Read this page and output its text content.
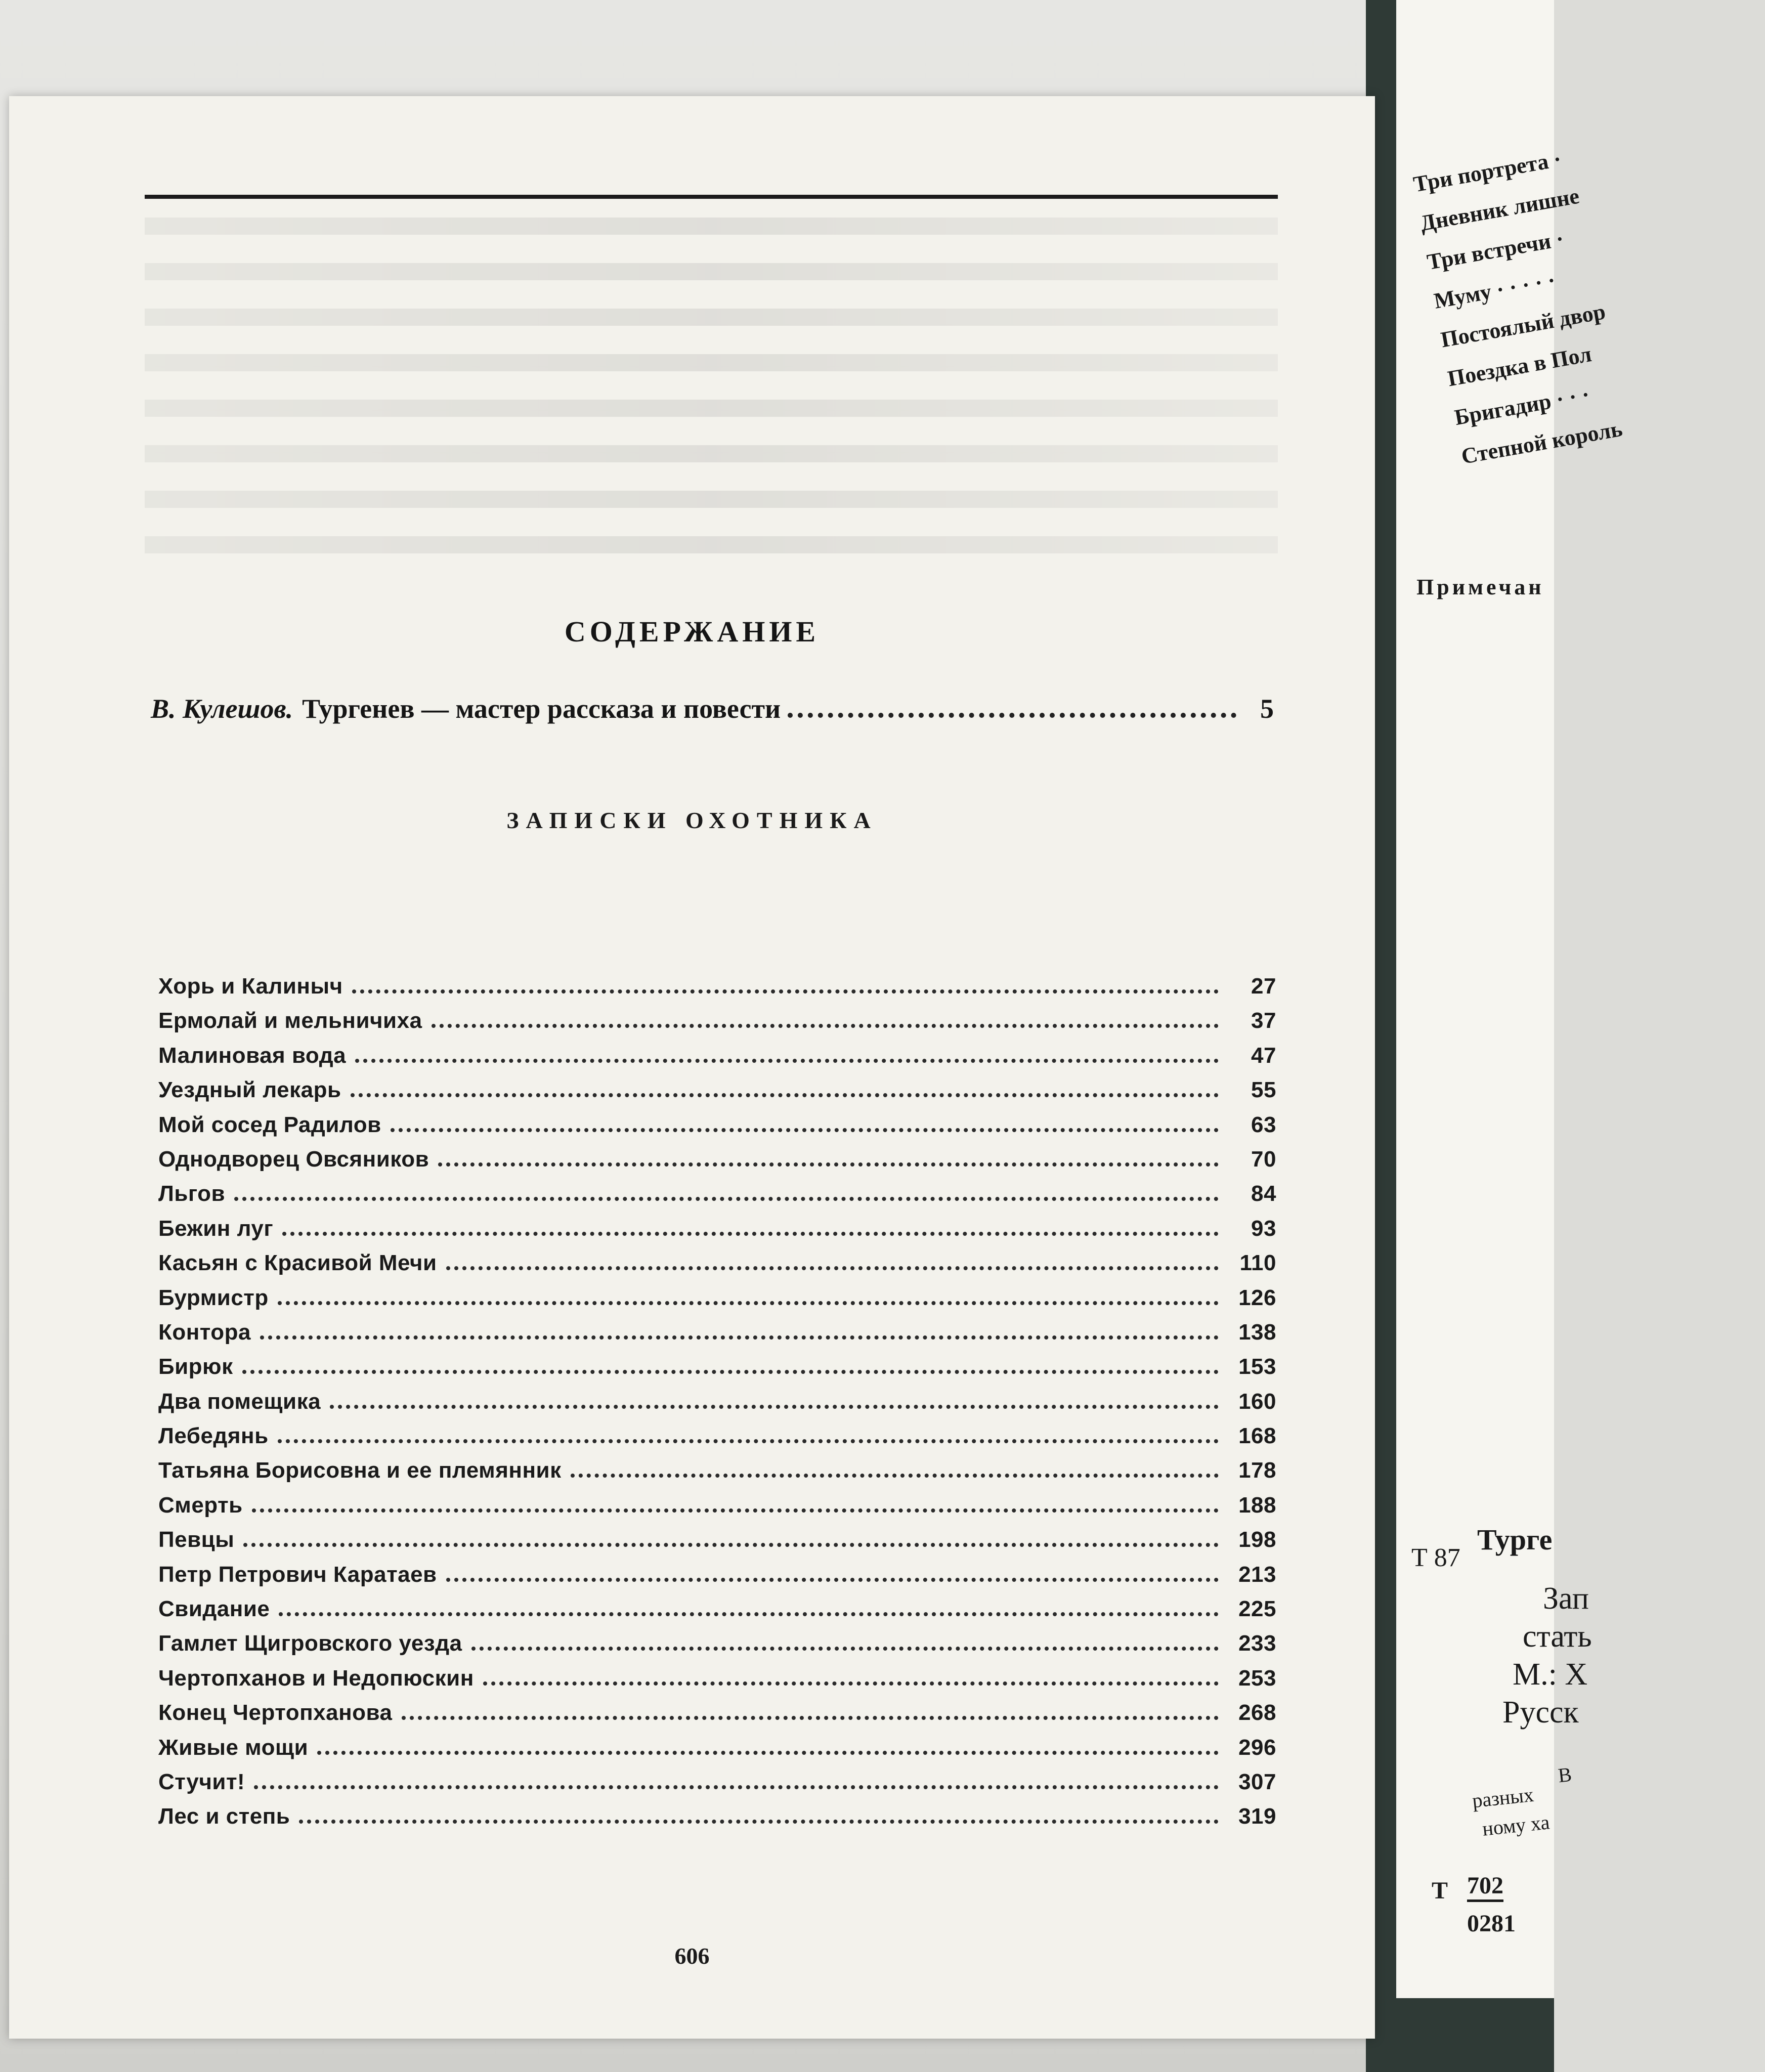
Три портрета ·
Дневник лишне
Три встречи ·
Муму · · · · ·
Постоялый двор
Поездка в Пол
Бригадир · · ·
Степной король
Примечан
Т 87
Турге
Зап
стать
М.: Х
Русск
В
разных
ному ха
Т 702
0281
СОДЕРЖАНИЕ
В. Кулешов. Тургенев — мастер рассказа и повести	5
ЗАПИСКИ ОХОТНИКА
Хорь и Калиныч	27
Ермолай и мельничиха	37
Малиновая вода	47
Уездный лекарь	55
Мой сосед Радилов	63
Однодворец Овсяников	70
Льгов	84
Бежин луг	93
Касьян с Красивой Мечи	110
Бурмистр	126
Контора	138
Бирюк	153
Два помещика	160
Лебедянь	168
Татьяна Борисовна и ее племянник	178
Смерть	188
Певцы	198
Петр Петрович Каратаев	213
Свидание	225
Гамлет Щигровского уезда	233
Чертопханов и Недопюскин	253
Конец Чертопханова	268
Живые мощи	296
Стучит!	307
Лес и степь	319
606
